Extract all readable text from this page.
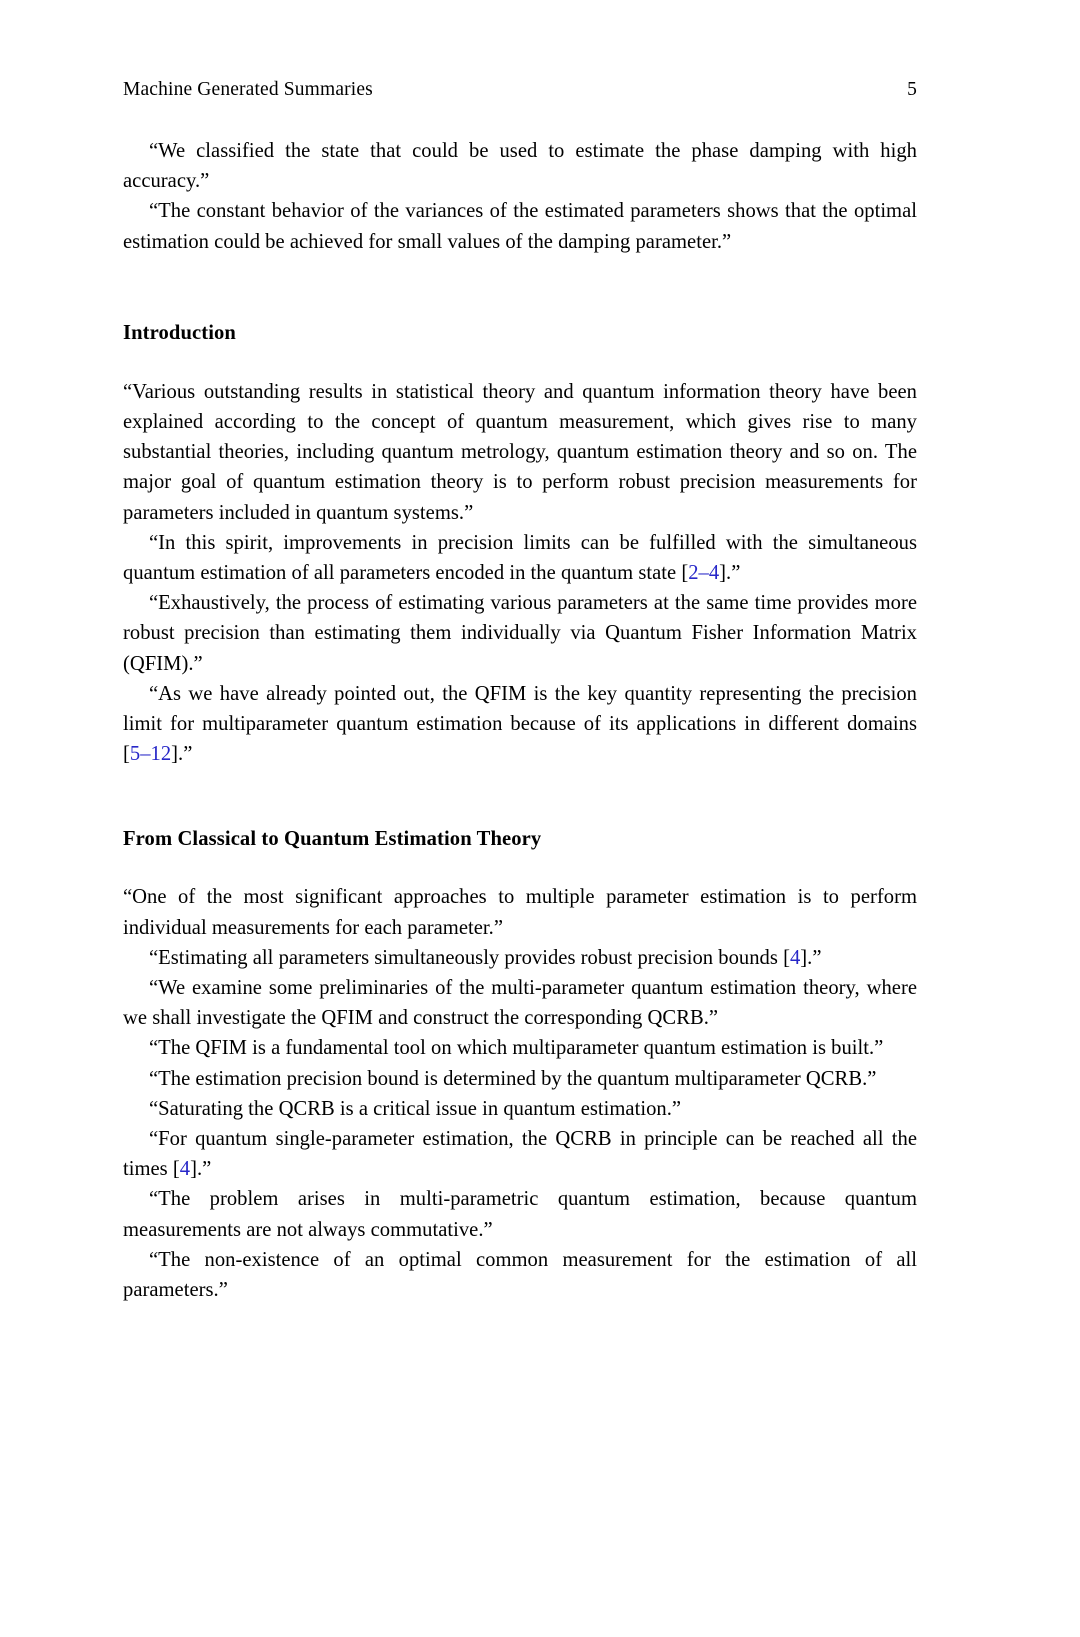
Machine Generated Summaries	5

“We classified the state that could be used to estimate the phase damping with high accuracy.”

“The constant behavior of the variances of the estimated parameters shows that the optimal estimation could be achieved for small values of the damping parameter.”

Introduction

“Various outstanding results in statistical theory and quantum information theory have been explained according to the concept of quantum measurement, which gives rise to many substantial theories, including quantum metrology, quantum estimation theory and so on. The major goal of quantum estimation theory is to perform robust precision measurements for parameters included in quantum systems.”

“In this spirit, improvements in precision limits can be fulfilled with the simultaneous quantum estimation of all parameters encoded in the quantum state [2–4].”

“Exhaustively, the process of estimating various parameters at the same time provides more robust precision than estimating them individually via Quantum Fisher Information Matrix (QFIM).”

“As we have already pointed out, the QFIM is the key quantity representing the precision limit for multiparameter quantum estimation because of its applications in different domains [5–12].”

From Classical to Quantum Estimation Theory

“One of the most significant approaches to multiple parameter estimation is to perform individual measurements for each parameter.”

“Estimating all parameters simultaneously provides robust precision bounds [4].”

“We examine some preliminaries of the multi-parameter quantum estimation theory, where we shall investigate the QFIM and construct the corresponding QCRB.”

“The QFIM is a fundamental tool on which multiparameter quantum estimation is built.”

“The estimation precision bound is determined by the quantum multiparameter QCRB.”

“Saturating the QCRB is a critical issue in quantum estimation.”

“For quantum single-parameter estimation, the QCRB in principle can be reached all the times [4].”

“The problem arises in multi-parametric quantum estimation, because quantum measurements are not always commutative.”

“The non-existence of an optimal common measurement for the estimation of all parameters.”
